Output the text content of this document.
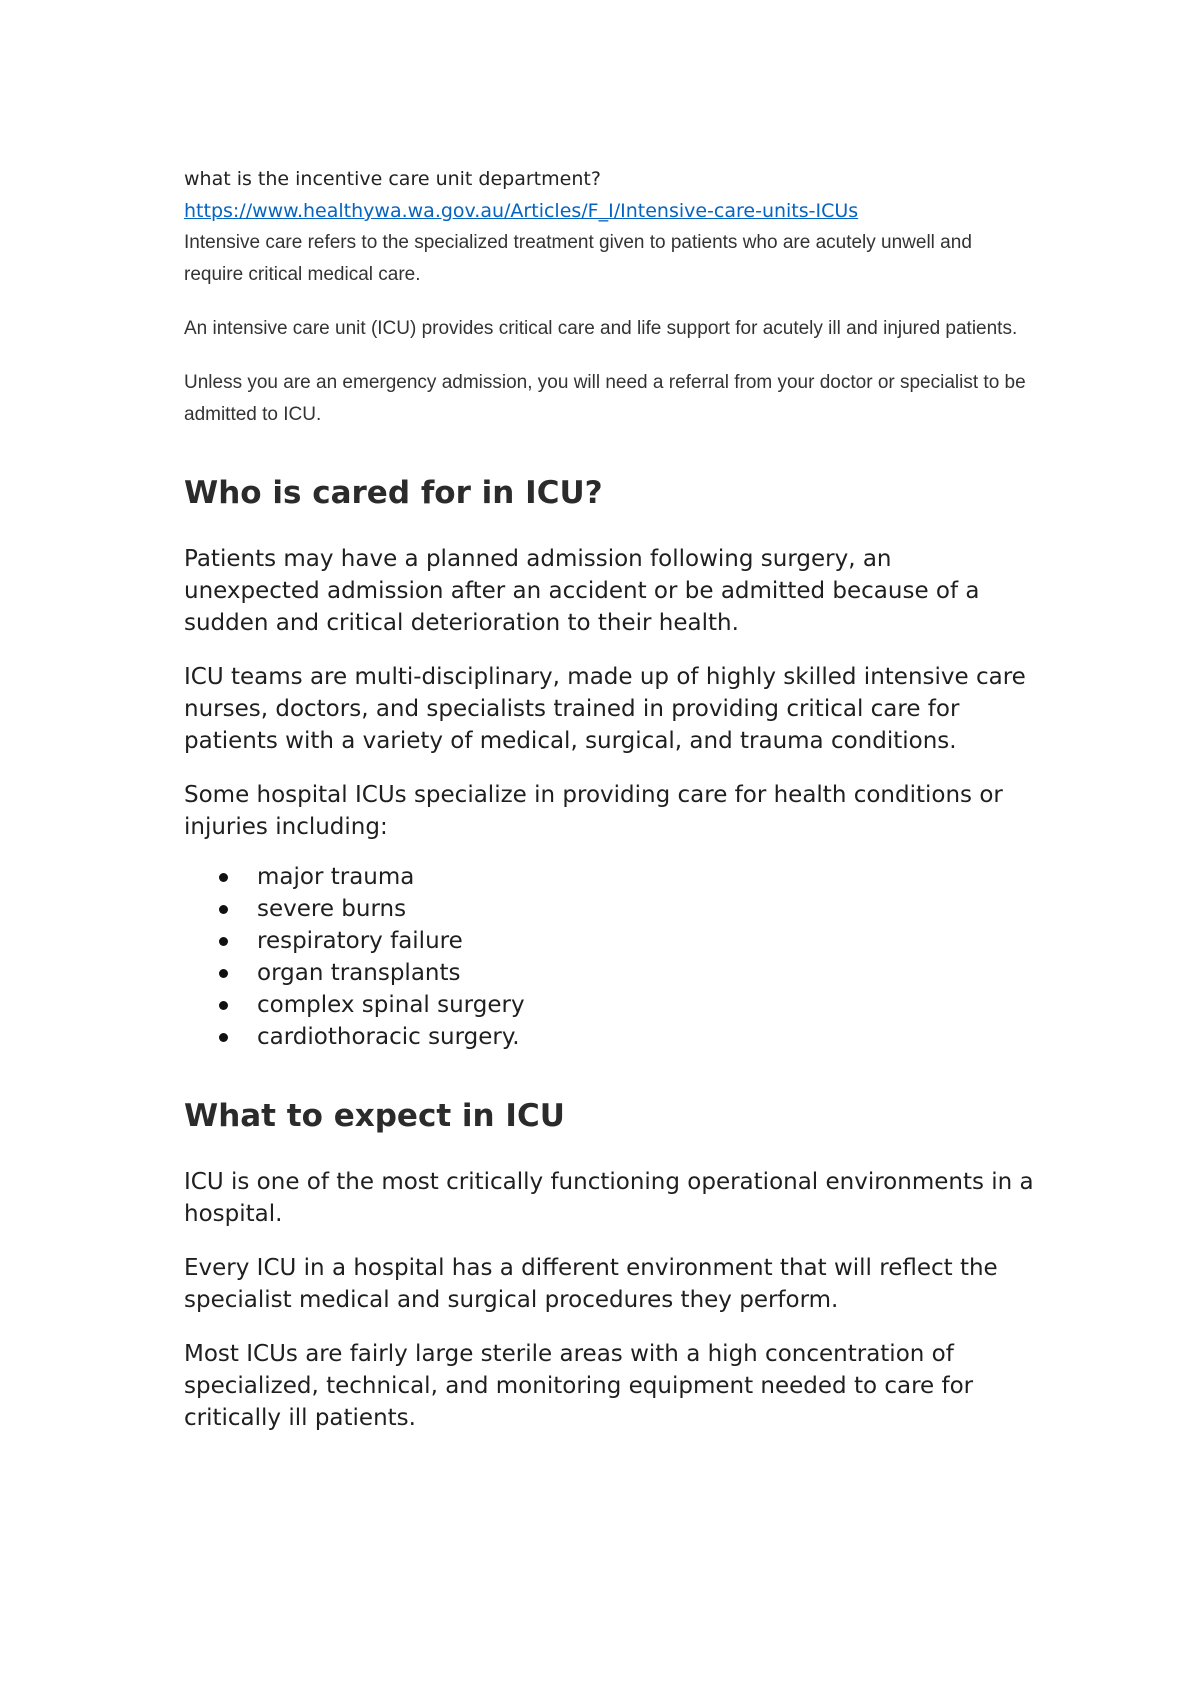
what is the incentive care unit department?

https://www.healthywa.wa.gov.au/Articles/F_I/Intensive-care-units-ICUs

Intensive care refers to the specialized treatment given to patients who are acutely unwell and require critical medical care.

An intensive care unit (ICU) provides critical care and life support for acutely ill and injured patients.

Unless you are an emergency admission, you will need a referral from your doctor or specialist to be admitted to ICU.

Who is cared for in ICU?

Patients may have a planned admission following surgery, an unexpected admission after an accident or be admitted because of a sudden and critical deterioration to their health.

ICU teams are multi-disciplinary, made up of highly skilled intensive care nurses, doctors, and specialists trained in providing critical care for patients with a variety of medical, surgical, and trauma conditions.

Some hospital ICUs specialize in providing care for health conditions or injuries including:

major trauma
severe burns
respiratory failure
organ transplants
complex spinal surgery
cardiothoracic surgery.
What to expect in ICU

ICU is one of the most critically functioning operational environments in a hospital.

Every ICU in a hospital has a different environment that will reflect the specialist medical and surgical procedures they perform.

Most ICUs are fairly large sterile areas with a high concentration of specialized, technical, and monitoring equipment needed to care for critically ill patients.
